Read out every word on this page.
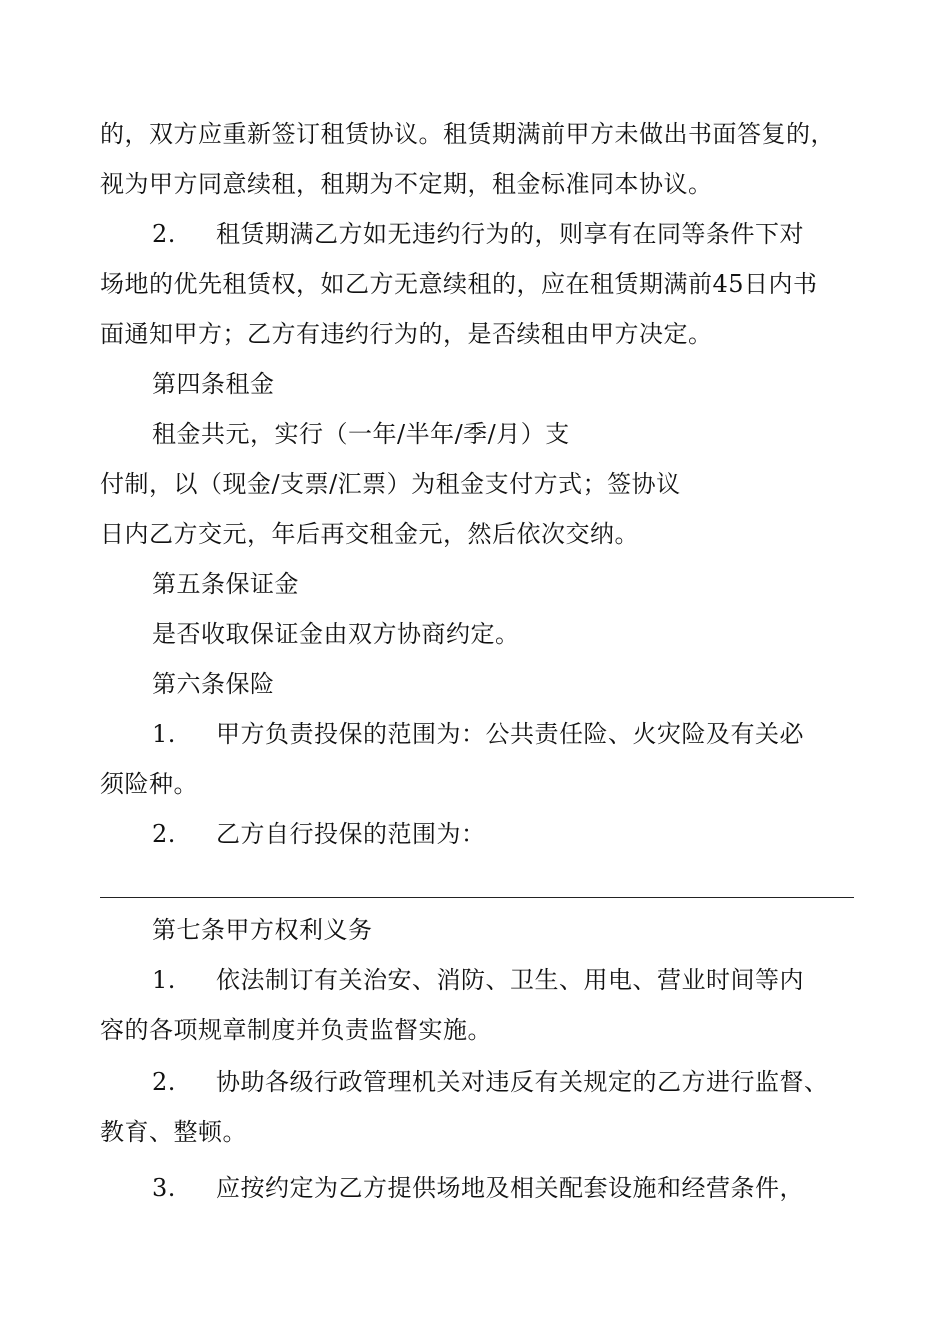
的，双方应重新签订租赁协议。租赁期满前甲方未做出书面答复的，
视为甲方同意续租，租期为不定期，租金标准同本协议。
2. 租赁期满乙方如无违约行为的，则享有在同等条件下对
场地的优先租赁权，如乙方无意续租的，应在租赁期满前45日内书
面通知甲方；乙方有违约行为的，是否续租由甲方决定。
第四条租金
租金共元，实行（一年/半年/季/月）支
付制，以（现金/支票/汇票）为租金支付方式；签协议
日内乙方交元，年后再交租金元，然后依次交纳。
第五条保证金
是否收取保证金由双方协商约定。
第六条保险
1. 甲方负责投保的范围为：公共责任险、火灾险及有关必
须险种。
2. 乙方自行投保的范围为：
第七条甲方权利义务
1. 依法制订有关治安、消防、卫生、用电、营业时间等内
容的各项规章制度并负责监督实施。
2. 协助各级行政管理机关对违反有关规定的乙方进行监督、
教育、整顿。
3. 应按约定为乙方提供场地及相关配套设施和经营条件，
